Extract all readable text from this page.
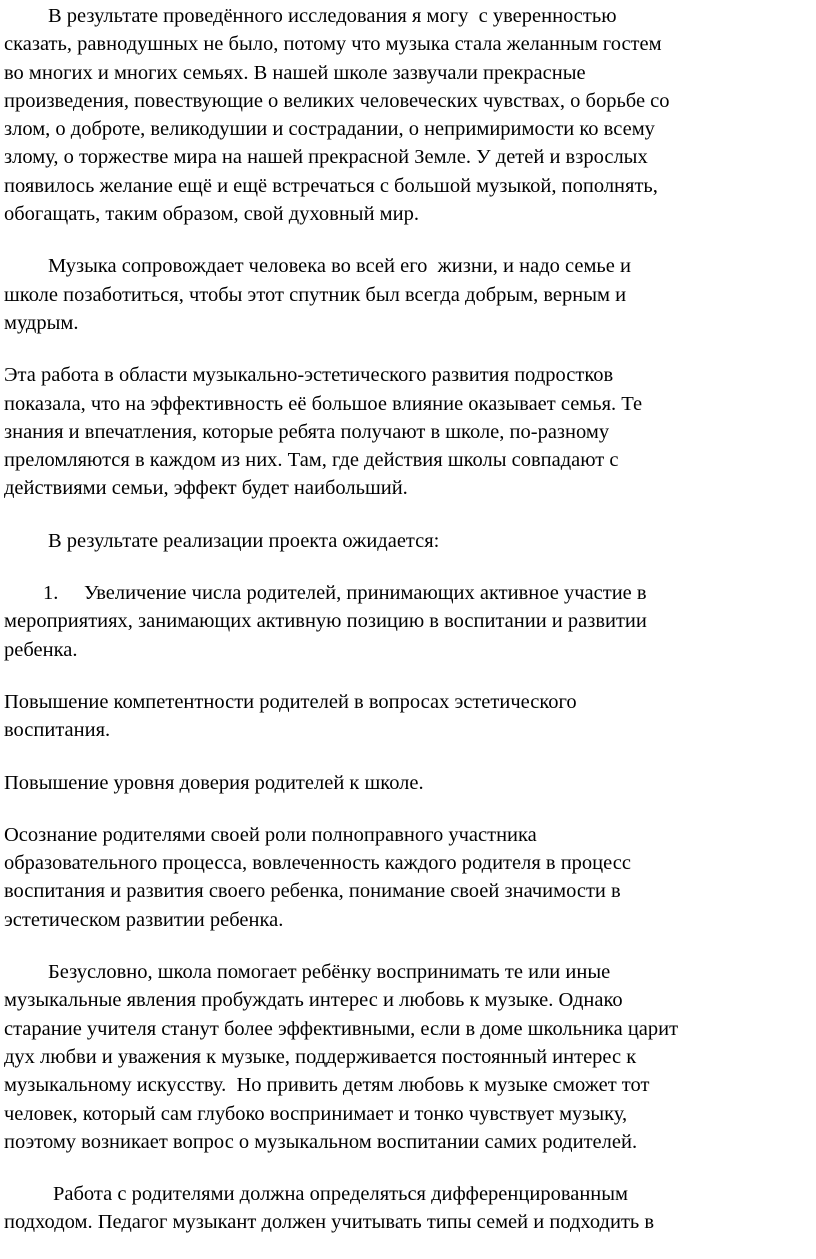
В результате проведённого исследования я могу  с уверенностью
сказать, равнодушных не было, потому что музыка стала желанным гостем
во многих и многих семьях. В нашей школе зазвучали прекрасные
произведения, повествующие о великих человеческих чувствах, о борьбе со
злом, о доброте, великодушии и сострадании, о непримиримости ко всему
злому, о торжестве мира на нашей прекрасной Земле. У детей и взрослых
появилось желание ещё и ещё встречаться с большой музыкой, пополнять,
обогащать, таким образом, свой духовный мир.

Музыка сопровождает человека во всей его  жизни, и надо семье и
школе позаботиться, чтобы этот спутник был всегда добрым, верным и
мудрым.

Эта работа в области музыкально-эстетического развития подростков
показала, что на эффективность её большое влияние оказывает семья. Те
знания и впечатления, которые ребята получают в школе, по-разному
преломляются в каждом из них. Там, где действия школы совпадают с
действиями семьи, эффект будет наибольший.

В результате реализации проекта ожидается:

1.     Увеличение числа родителей, принимающих активное участие в
мероприятиях, занимающих активную позицию в воспитании и развитии
ребенка.

Повышение компетентности родителей в вопросах эстетического
воспитания.

Повышение уровня доверия родителей к школе.

Осознание родителями своей роли полноправного участника
образовательного процесса, вовлеченность каждого родителя в процесс
воспитания и развития своего ребенка, понимание своей значимости в
эстетическом развитии ребенка.

Безусловно, школа помогает ребёнку воспринимать те или иные
музыкальные явления пробуждать интерес и любовь к музыке. Однако
старание учителя станут более эффективными, если в доме школьника царит
дух любви и уважения к музыке, поддерживается постоянный интерес к
музыкальному искусству.  Но привить детям любовь к музыке сможет тот
человек, который сам глубоко воспринимает и тонко чувствует музыку,
поэтому возникает вопрос о музыкальном воспитании самих родителей.

Работа с родителями должна определяться дифференцированным
подходом. Педагог музыкант должен учитывать типы семей и подходить в
